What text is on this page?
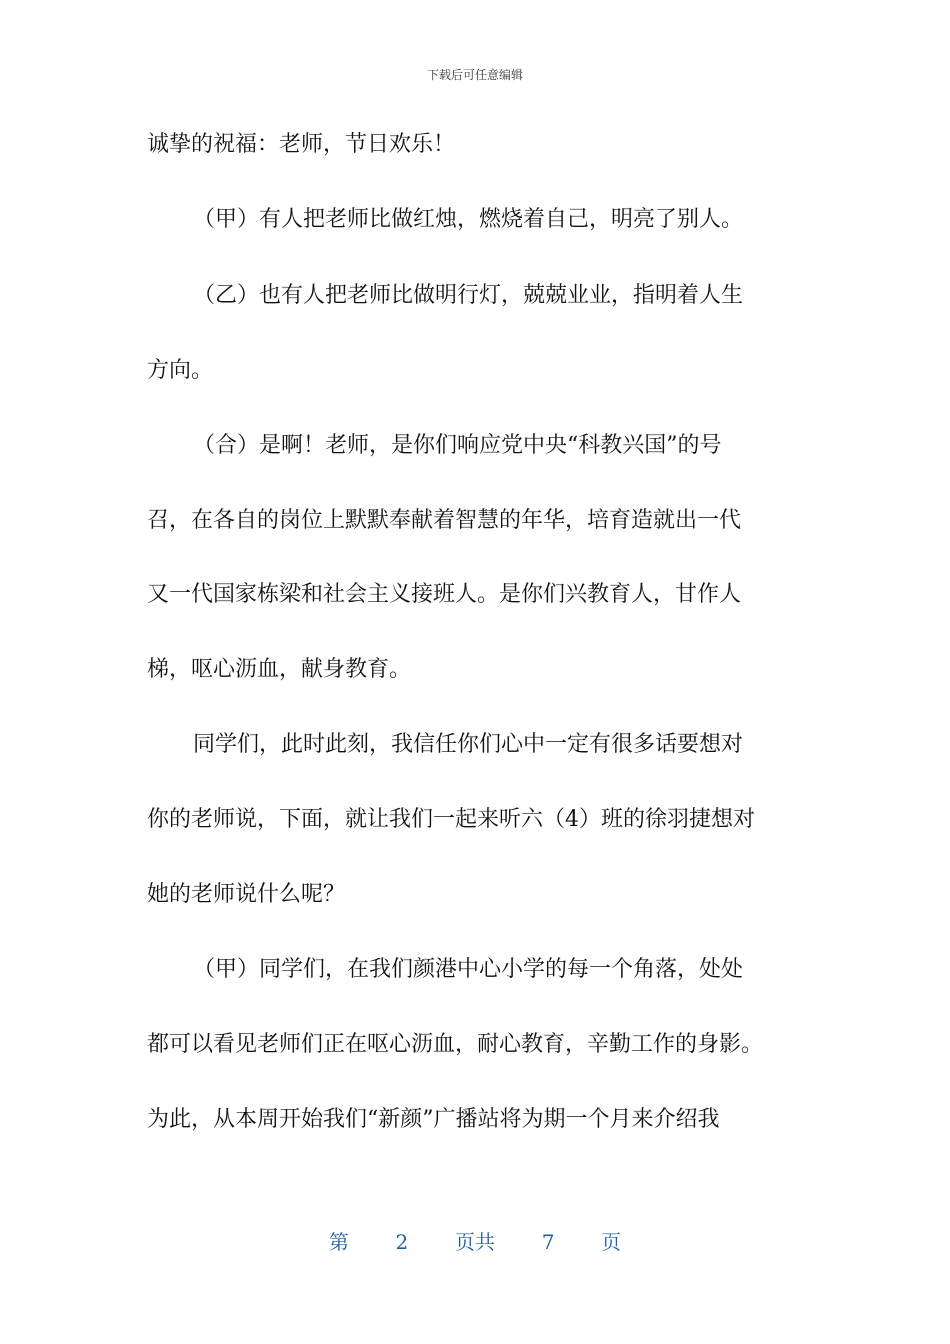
下载后可任意编辑
诚挚的祝福：老师，节日欢乐！
（甲）有人把老师比做红烛，燃烧着自己，明亮了别人。
（乙）也有人把老师比做明行灯，兢兢业业，指明着人生
方向。
（合）是啊！老师，是你们响应党中央“科教兴国”的号
召，在各自的岗位上默默奉献着智慧的年华，培育造就出一代
又一代国家栋梁和社会主义接班人。是你们兴教育人，甘作人
梯，呕心沥血，献身教育。
同学们，此时此刻，我信任你们心中一定有很多话要想对
你的老师说，下面，就让我们一起来听六（4）班的徐羽捷想对
她的老师说什么呢？
（甲）同学们，在我们颜港中心小学的每一个角落，处处
都可以看见老师们正在呕心沥血，耐心教育，辛勤工作的身影。
为此，从本周开始我们“新颜”广播站将为期一个月来介绍我
第 2 页共 7 页
